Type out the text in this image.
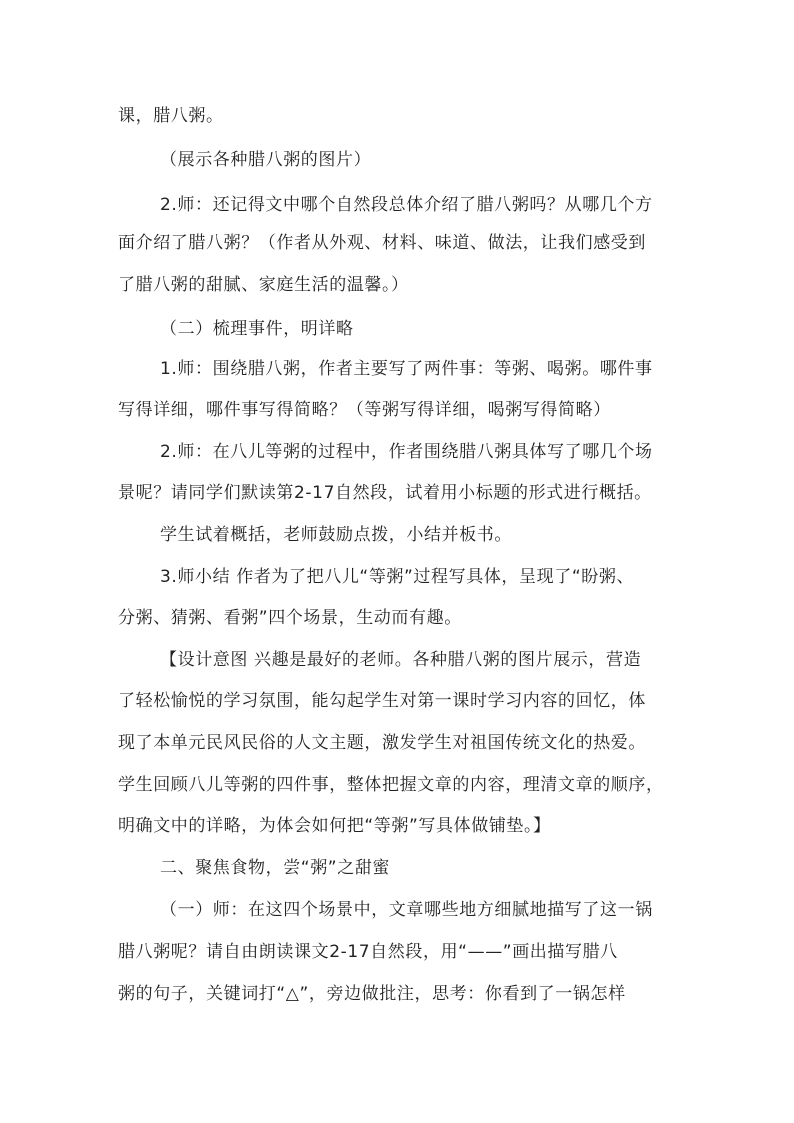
课，腊八粥。
（展示各种腊八粥的图片）
2.师：还记得文中哪个自然段总体介绍了腊八粥吗？从哪几个方
面介绍了腊八粥？（作者从外观、材料、味道、做法，让我们感受到
了腊八粥的甜腻、家庭生活的温馨。）
（二）梳理事件，明详略
1.师：围绕腊八粥，作者主要写了两件事：等粥、喝粥。哪件事
写得详细，哪件事写得简略？（等粥写得详细，喝粥写得简略）
2.师：在八儿等粥的过程中，作者围绕腊八粥具体写了哪几个场
景呢？请同学们默读第2-17自然段，试着用小标题的形式进行概括。
学生试着概括，老师鼓励点拨，小结并板书。
3.师小结 作者为了把八儿“等粥”过程写具体，呈现了“盼粥、
分粥、猜粥、看粥”四个场景，生动而有趣。
【设计意图 兴趣是最好的老师。各种腊八粥的图片展示，营造
了轻松愉悦的学习氛围，能勾起学生对第一课时学习内容的回忆，体
现了本单元民风民俗的人文主题，激发学生对祖国传统文化的热爱。
学生回顾八儿等粥的四件事，整体把握文章的内容，理清文章的顺序，
明确文中的详略，为体会如何把“等粥”写具体做铺垫。】
二、聚焦食物，尝“粥”之甜蜜
（一）师：在这四个场景中，文章哪些地方细腻地描写了这一锅
腊八粥呢？请自由朗读课文2-17自然段，用“——”画出描写腊八
粥的句子，关键词打“△”，旁边做批注，思考：你看到了一锅怎样
